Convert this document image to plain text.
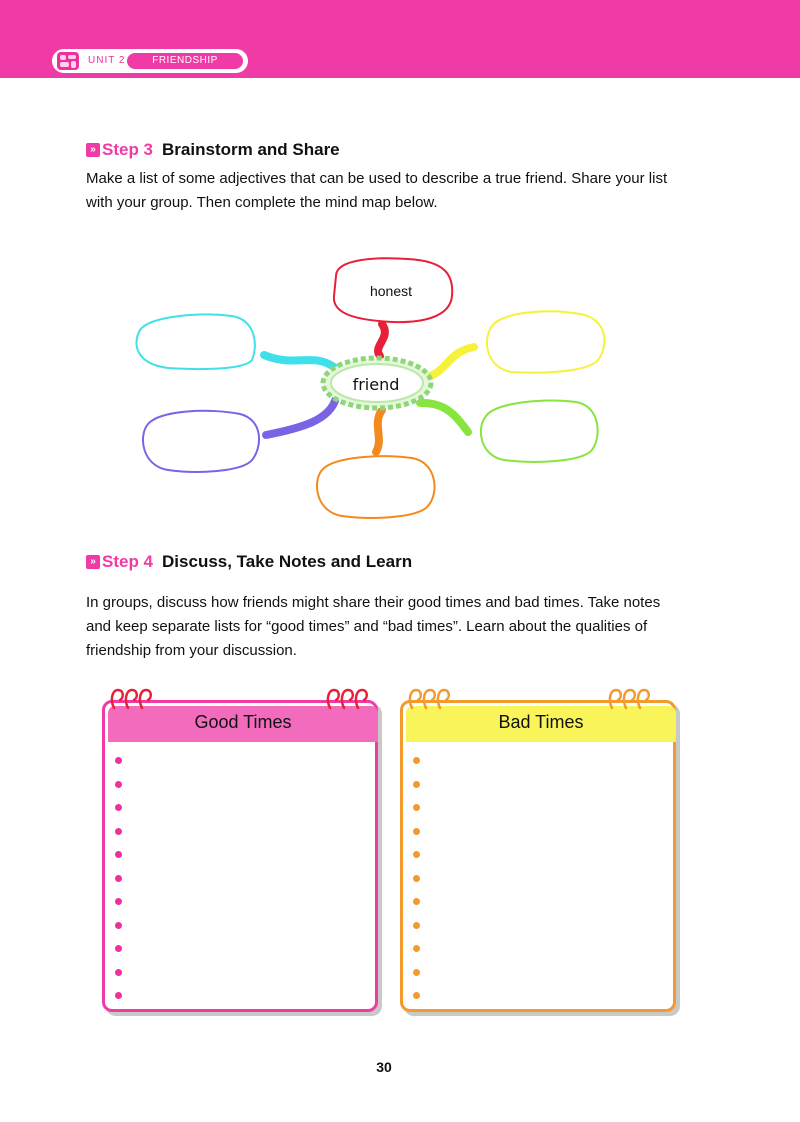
UNIT 2	FRIENDSHIP
» Step 3 Brainstorm and Share

Make a list of some adjectives that can be used to describe a true friend. Share your list with your group. Then complete the mind map below.

friend
honest
» Step 4 Discuss, Take Notes and Learn

In groups, discuss how friends might share their good times and bad times. Take notes and keep separate lists for “good times” and “bad times”. Learn about the qualities of friendship from your discussion.

Good Times	Bad Times
30
